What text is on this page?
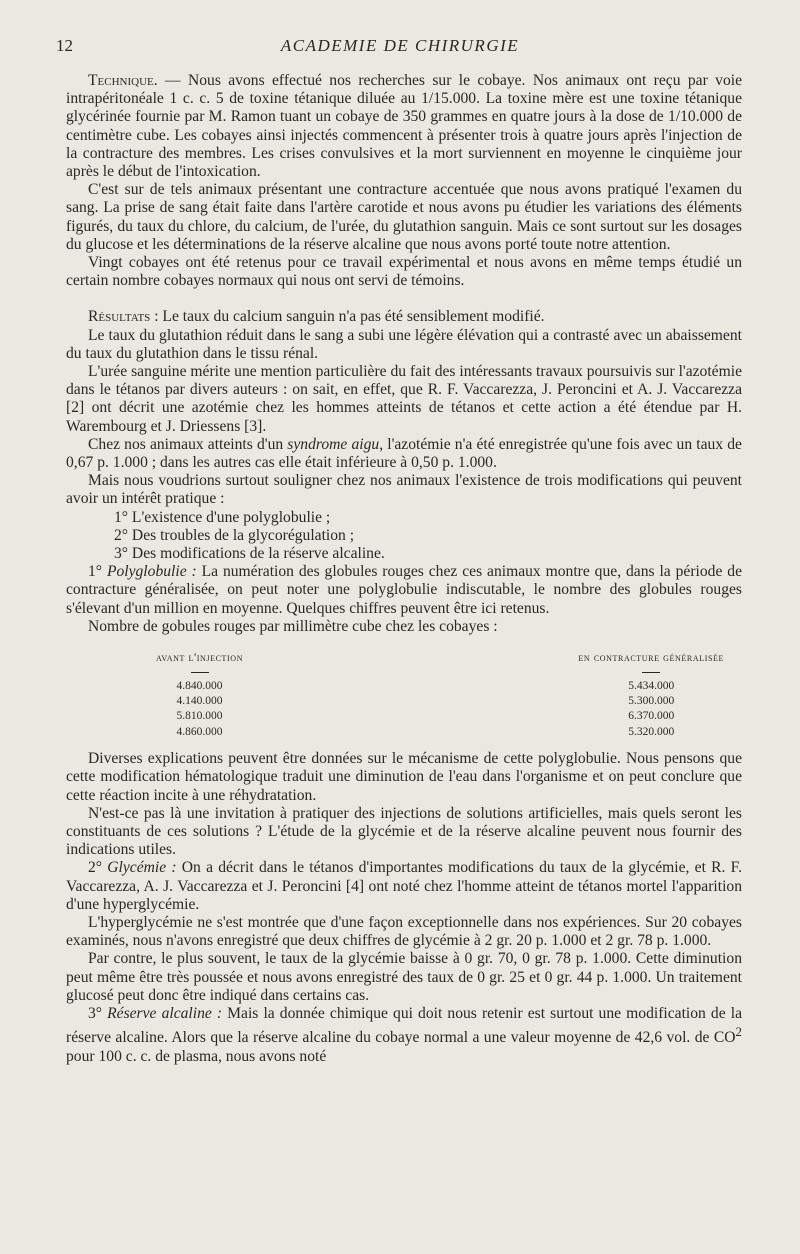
12	ACADEMIE DE CHIRURGIE

Technique. — Nous avons effectué nos recherches sur le cobaye. Nos animaux ont reçu par voie intrapéritonéale 1 c. c. 5 de toxine tétanique diluée au 1/15.000. La toxine mère est une toxine tétanique glycérinée fournie par M. Ramon tuant un cobaye de 350 grammes en quatre jours à la dose de 1/10.000 de centimètre cube. Les cobayes ainsi injectés commencent à présenter trois à quatre jours après l'injection de la contracture des membres. Les crises convulsives et la mort surviennent en moyenne le cinquième jour après le début de l'intoxication.

C'est sur de tels animaux présentant une contracture accentuée que nous avons pratiqué l'examen du sang. La prise de sang était faite dans l'artère carotide et nous avons pu étudier les variations des éléments figurés, du taux du chlore, du calcium, de l'urée, du glutathion sanguin. Mais ce sont surtout sur les dosages du glucose et les déterminations de la réserve alcaline que nous avons porté toute notre attention.

Vingt cobayes ont été retenus pour ce travail expérimental et nous avons en même temps étudié un certain nombre cobayes normaux qui nous ont servi de témoins.

Résultats : Le taux du calcium sanguin n'a pas été sensiblement modifié.

Le taux du glutathion réduit dans le sang a subi une légère élévation qui a contrasté avec un abaissement du taux du glutathion dans le tissu rénal.

L'urée sanguine mérite une mention particulière du fait des intéressants travaux poursuivis sur l'azotémie dans le tétanos par divers auteurs : on sait, en effet, que R. F. Vaccarezza, J. Peroncini et A. J. Vaccarezza [2] ont décrit une azotémie chez les hommes atteints de tétanos et cette action a été étendue par H. Warembourg et J. Driessens [3].

Chez nos animaux atteints d'un syndrome aigu, l'azotémie n'a été enregistrée qu'une fois avec un taux de 0,67 p. 1.000 ; dans les autres cas elle était inférieure à 0,50 p. 1.000.

Mais nous voudrions surtout souligner chez nos animaux l'existence de trois modifications qui peuvent avoir un intérêt pratique :

1° L'existence d'une polyglobulie ;

2° Des troubles de la glycorégulation ;

3° Des modifications de la réserve alcaline.

1° Polyglobulie : La numération des globules rouges chez ces animaux montre que, dans la période de contracture généralisée, on peut noter une polyglobulie indiscutable, le nombre des globules rouges s'élevant d'un million en moyenne. Quelques chiffres peuvent être ici retenus.

Nombre de gobules rouges par millimètre cube chez les cobayes :

avant l'injection
4.840.000
4.140.000
5.810.000
4.860.000
en contracture généralisée
5.434.000
5.300.000
6.370.000
5.320.000

Diverses explications peuvent être données sur le mécanisme de cette polyglobulie. Nous pensons que cette modification hématologique traduit une diminution de l'eau dans l'organisme et on peut conclure que cette réaction incite à une réhydratation.

N'est-ce pas là une invitation à pratiquer des injections de solutions artificielles, mais quels seront les constituants de ces solutions ? L'étude de la glycémie et de la réserve alcaline peuvent nous fournir des indications utiles.

2° Glycémie : On a décrit dans le tétanos d'importantes modifications du taux de la glycémie, et R. F. Vaccarezza, A. J. Vaccarezza et J. Peroncini [4] ont noté chez l'homme atteint de tétanos mortel l'apparition d'une hyperglycémie.

L'hyperglycémie ne s'est montrée que d'une façon exceptionnelle dans nos expériences. Sur 20 cobayes examinés, nous n'avons enregistré que deux chiffres de glycémie à 2 gr. 20 p. 1.000 et 2 gr. 78 p. 1.000.

Par contre, le plus souvent, le taux de la glycémie baisse à 0 gr. 70, 0 gr. 78 p. 1.000. Cette diminution peut même être très poussée et nous avons enregistré des taux de 0 gr. 25 et 0 gr. 44 p. 1.000. Un traitement glucosé peut donc être indiqué dans certains cas.

3° Réserve alcaline : Mais la donnée chimique qui doit nous retenir est surtout une modification de la réserve alcaline. Alors que la réserve alcaline du cobaye normal a une valeur moyenne de 42,6 vol. de $CO^2$ pour 100 c. c. de plasma, nous avons noté
